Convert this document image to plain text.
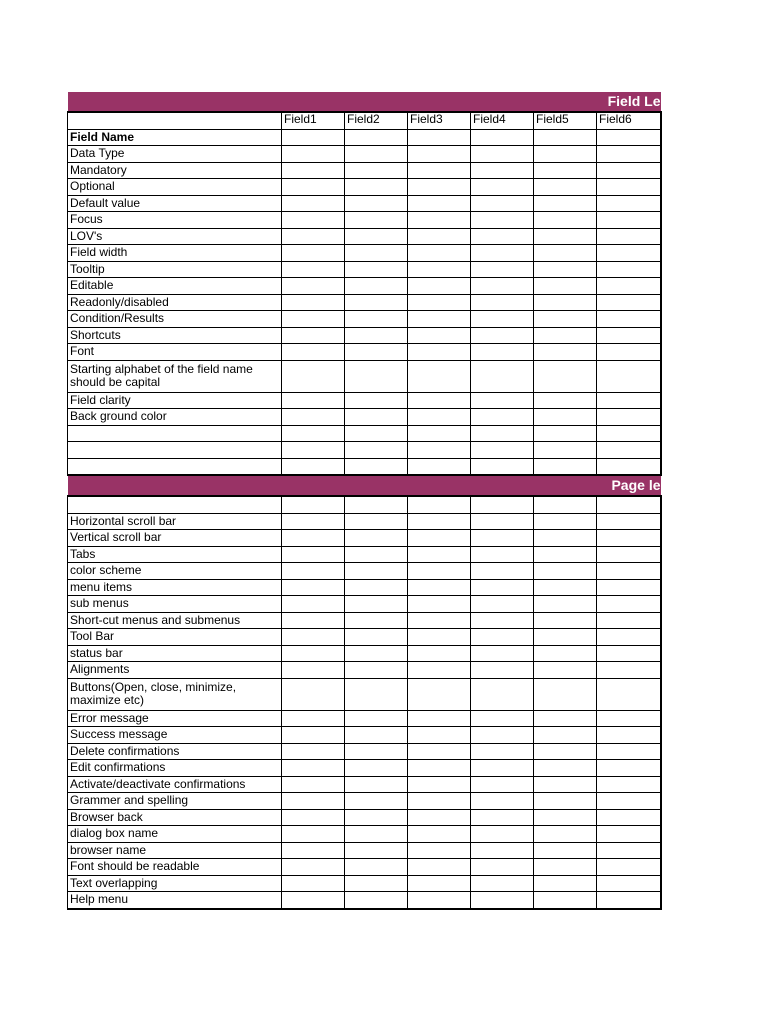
Field Le						
	Field1	Field2	Field3	Field4	Field5	Field6
Field Name						
Data Type						
Mandatory						
Optional						
Default value						
Focus						
LOV's						
Field width						
Tooltip						
Editable						
Readonly/disabled						
Condition/Results						
Shortcuts						
Font						
Starting alphabet of the field name should be capital						
Field clarity						
Back ground color						

Page le						

Horizontal scroll bar						
Vertical scroll bar						
Tabs						
color scheme						
menu items						
sub menus						
Short-cut menus and submenus						
Tool Bar						
status bar						
Alignments						
Buttons(Open, close, minimize, maximize etc)						
Error message						
Success message						
Delete confirmations						
Edit confirmations						
Activate/deactivate confirmations						
Grammer and spelling						
Browser back						
dialog box name						
browser name						
Font should be readable						
Text overlapping						
Help menu						
